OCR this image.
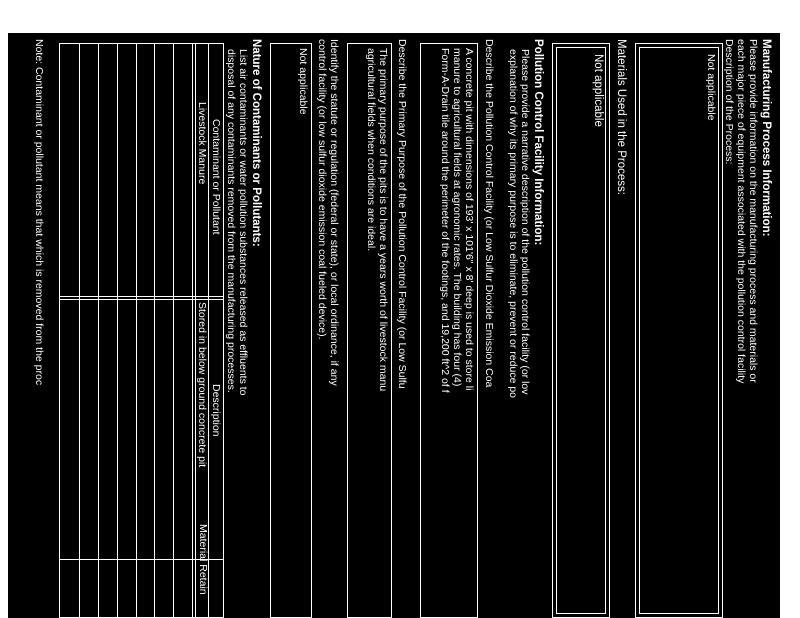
Manufacturing Process Information:
Please provide information on the manufacturing process and materials or
each major piece of equipment associated with the pollution control facility
Description of the Process:
Not applicable
Materials Used in the Process:
Not applicable
Pollution Control Facility Information:
Please provide a narrative description of the pollution control facility (or lov
explanation of why its primary purpose is to eliminate, prevent or reduce po
Describe the Pollution Control Facility (or Low Sulfur Dioxide Emission Coa
A concrete pit with dimensions of 193' x 101'6" x 8' deep is used to store li
manure to agricultural fields at agronomic rates. The building has four (4)
Form-A-Drain tile around the perimeter of the footings, and 19,200 ft^2 of f
Describe the Primary Purpose of the Pollution Control Facility (or Low Sulfu
The primary purpose of the pits is to have a years worth of livestock manu
agricultural fields when conditions are ideal.
Identify the statute or regulation (federal or state), or local ordinance, if any
control facility (or low sulfur dioxide emission coal fueled device).
Not applicable
Nature of Contaminants or Pollutants:
List air contaminants or water pollution substances released as effluents to
disposal of any contaminants removed from the manufacturing processes.
Contaminant or Pollutant
Description
Material Retain
Livestock Manure
Stored in below ground concrete pit
Note: Contaminant or pollutant means that which is removed from the proc
